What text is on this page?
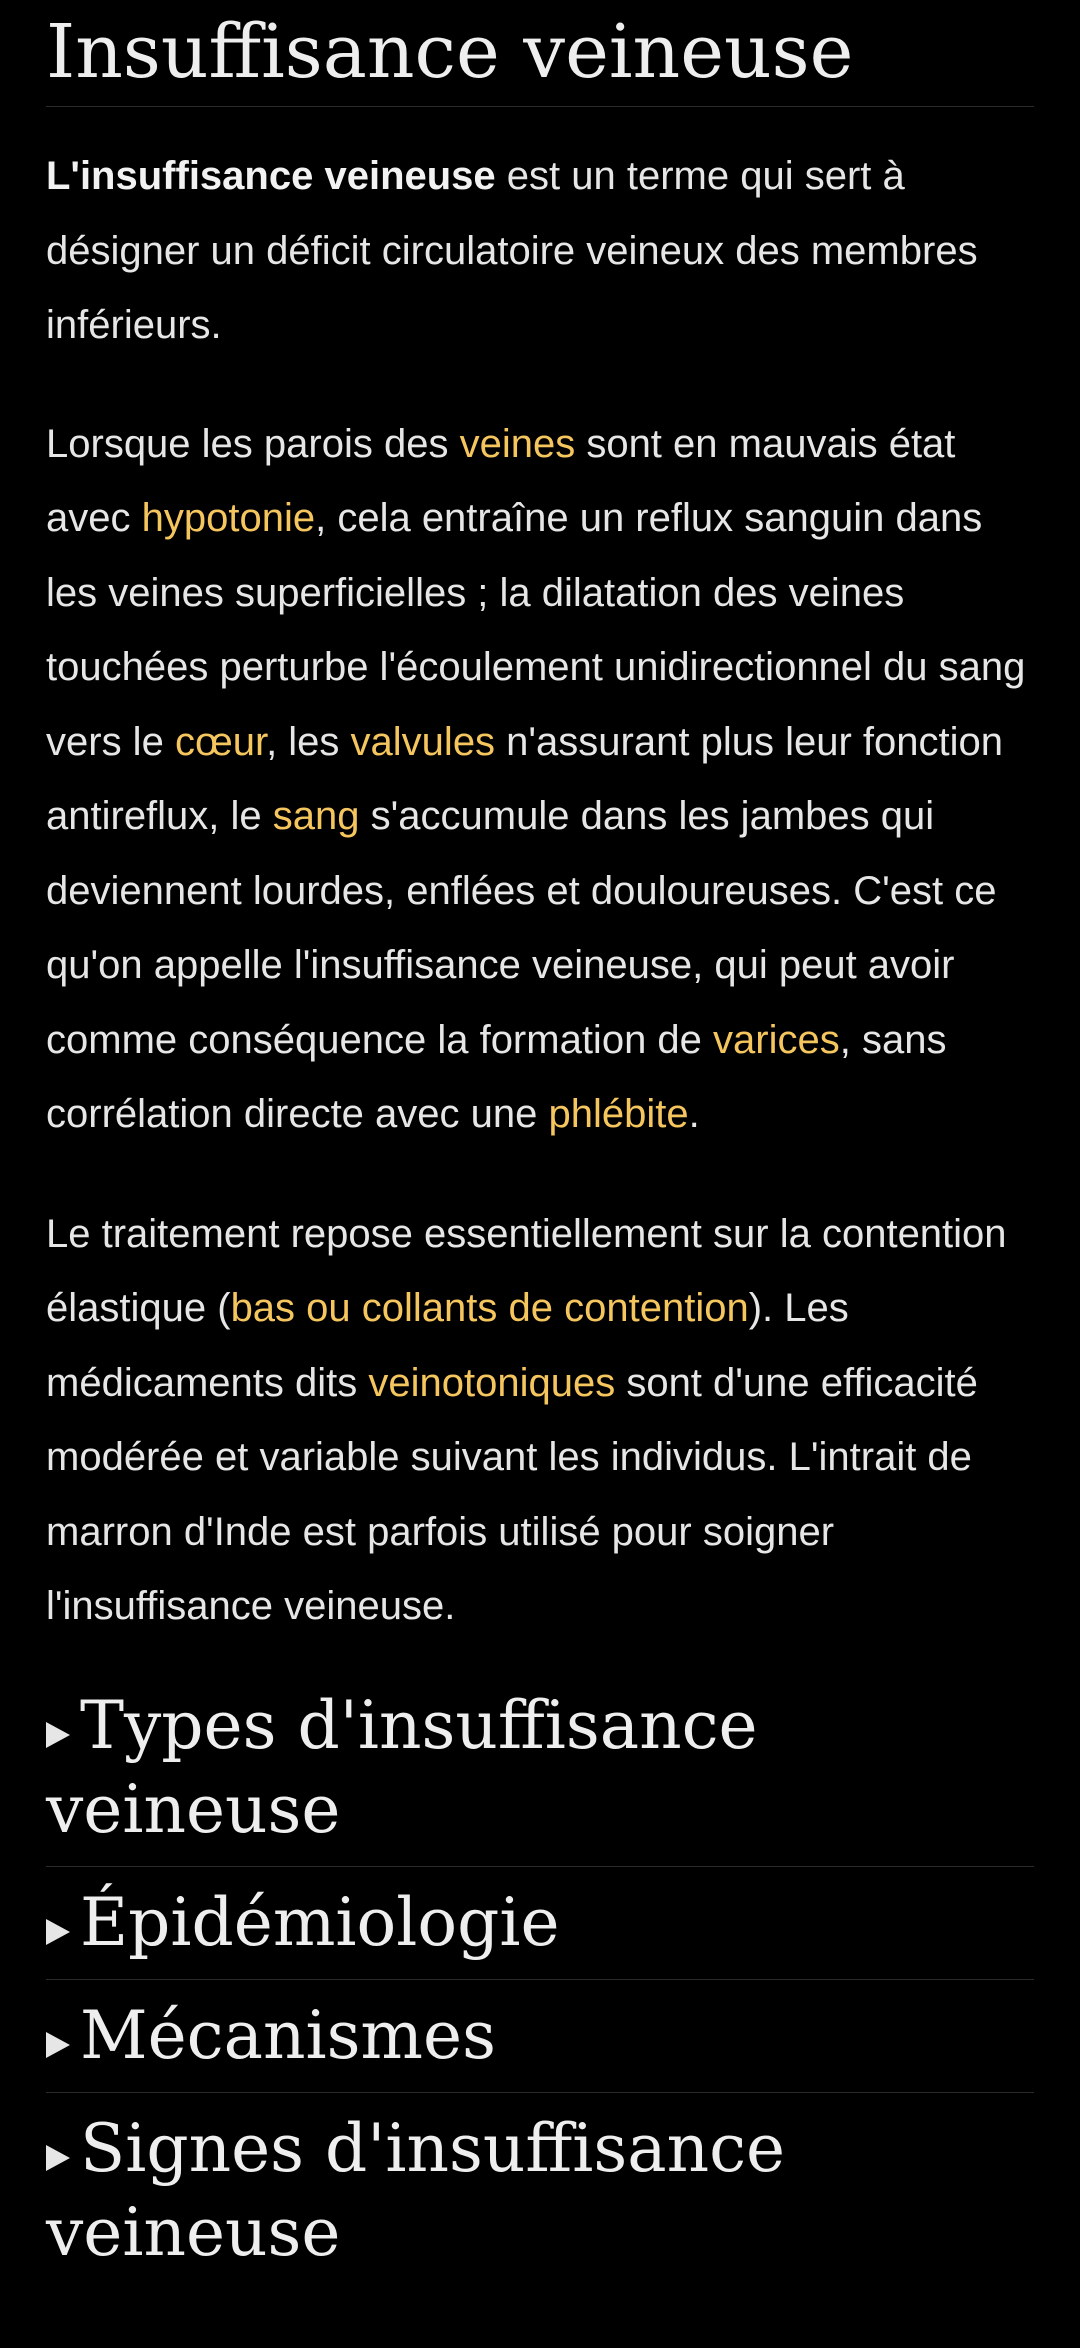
Insuffisance veineuse

L'insuffisance veineuse est un terme qui sert à désigner un déficit circulatoire veineux des membres inférieurs.

Lorsque les parois des veines sont en mauvais état avec hypotonie, cela entraîne un reflux sanguin dans les veines superficielles ; la dilatation des veines touchées perturbe l'écoulement unidirectionnel du sang vers le cœur, les valvules n'assurant plus leur fonction antireflux, le sang s'accumule dans les jambes qui deviennent lourdes, enflées et douloureuses. C'est ce qu'on appelle l'insuffisance veineuse, qui peut avoir comme conséquence la formation de varices, sans corrélation directe avec une phlébite.

Le traitement repose essentiellement sur la contention élastique (bas ou collants de contention). Les médicaments dits veinotoniques sont d'une efficacité modérée et variable suivant les individus. L'intrait de marron d'Inde est parfois utilisé pour soigner l'insuffisance veineuse.

Types d'insuffisance veineuse
Épidémiologie
Mécanismes
Signes d'insuffisance veineuse
